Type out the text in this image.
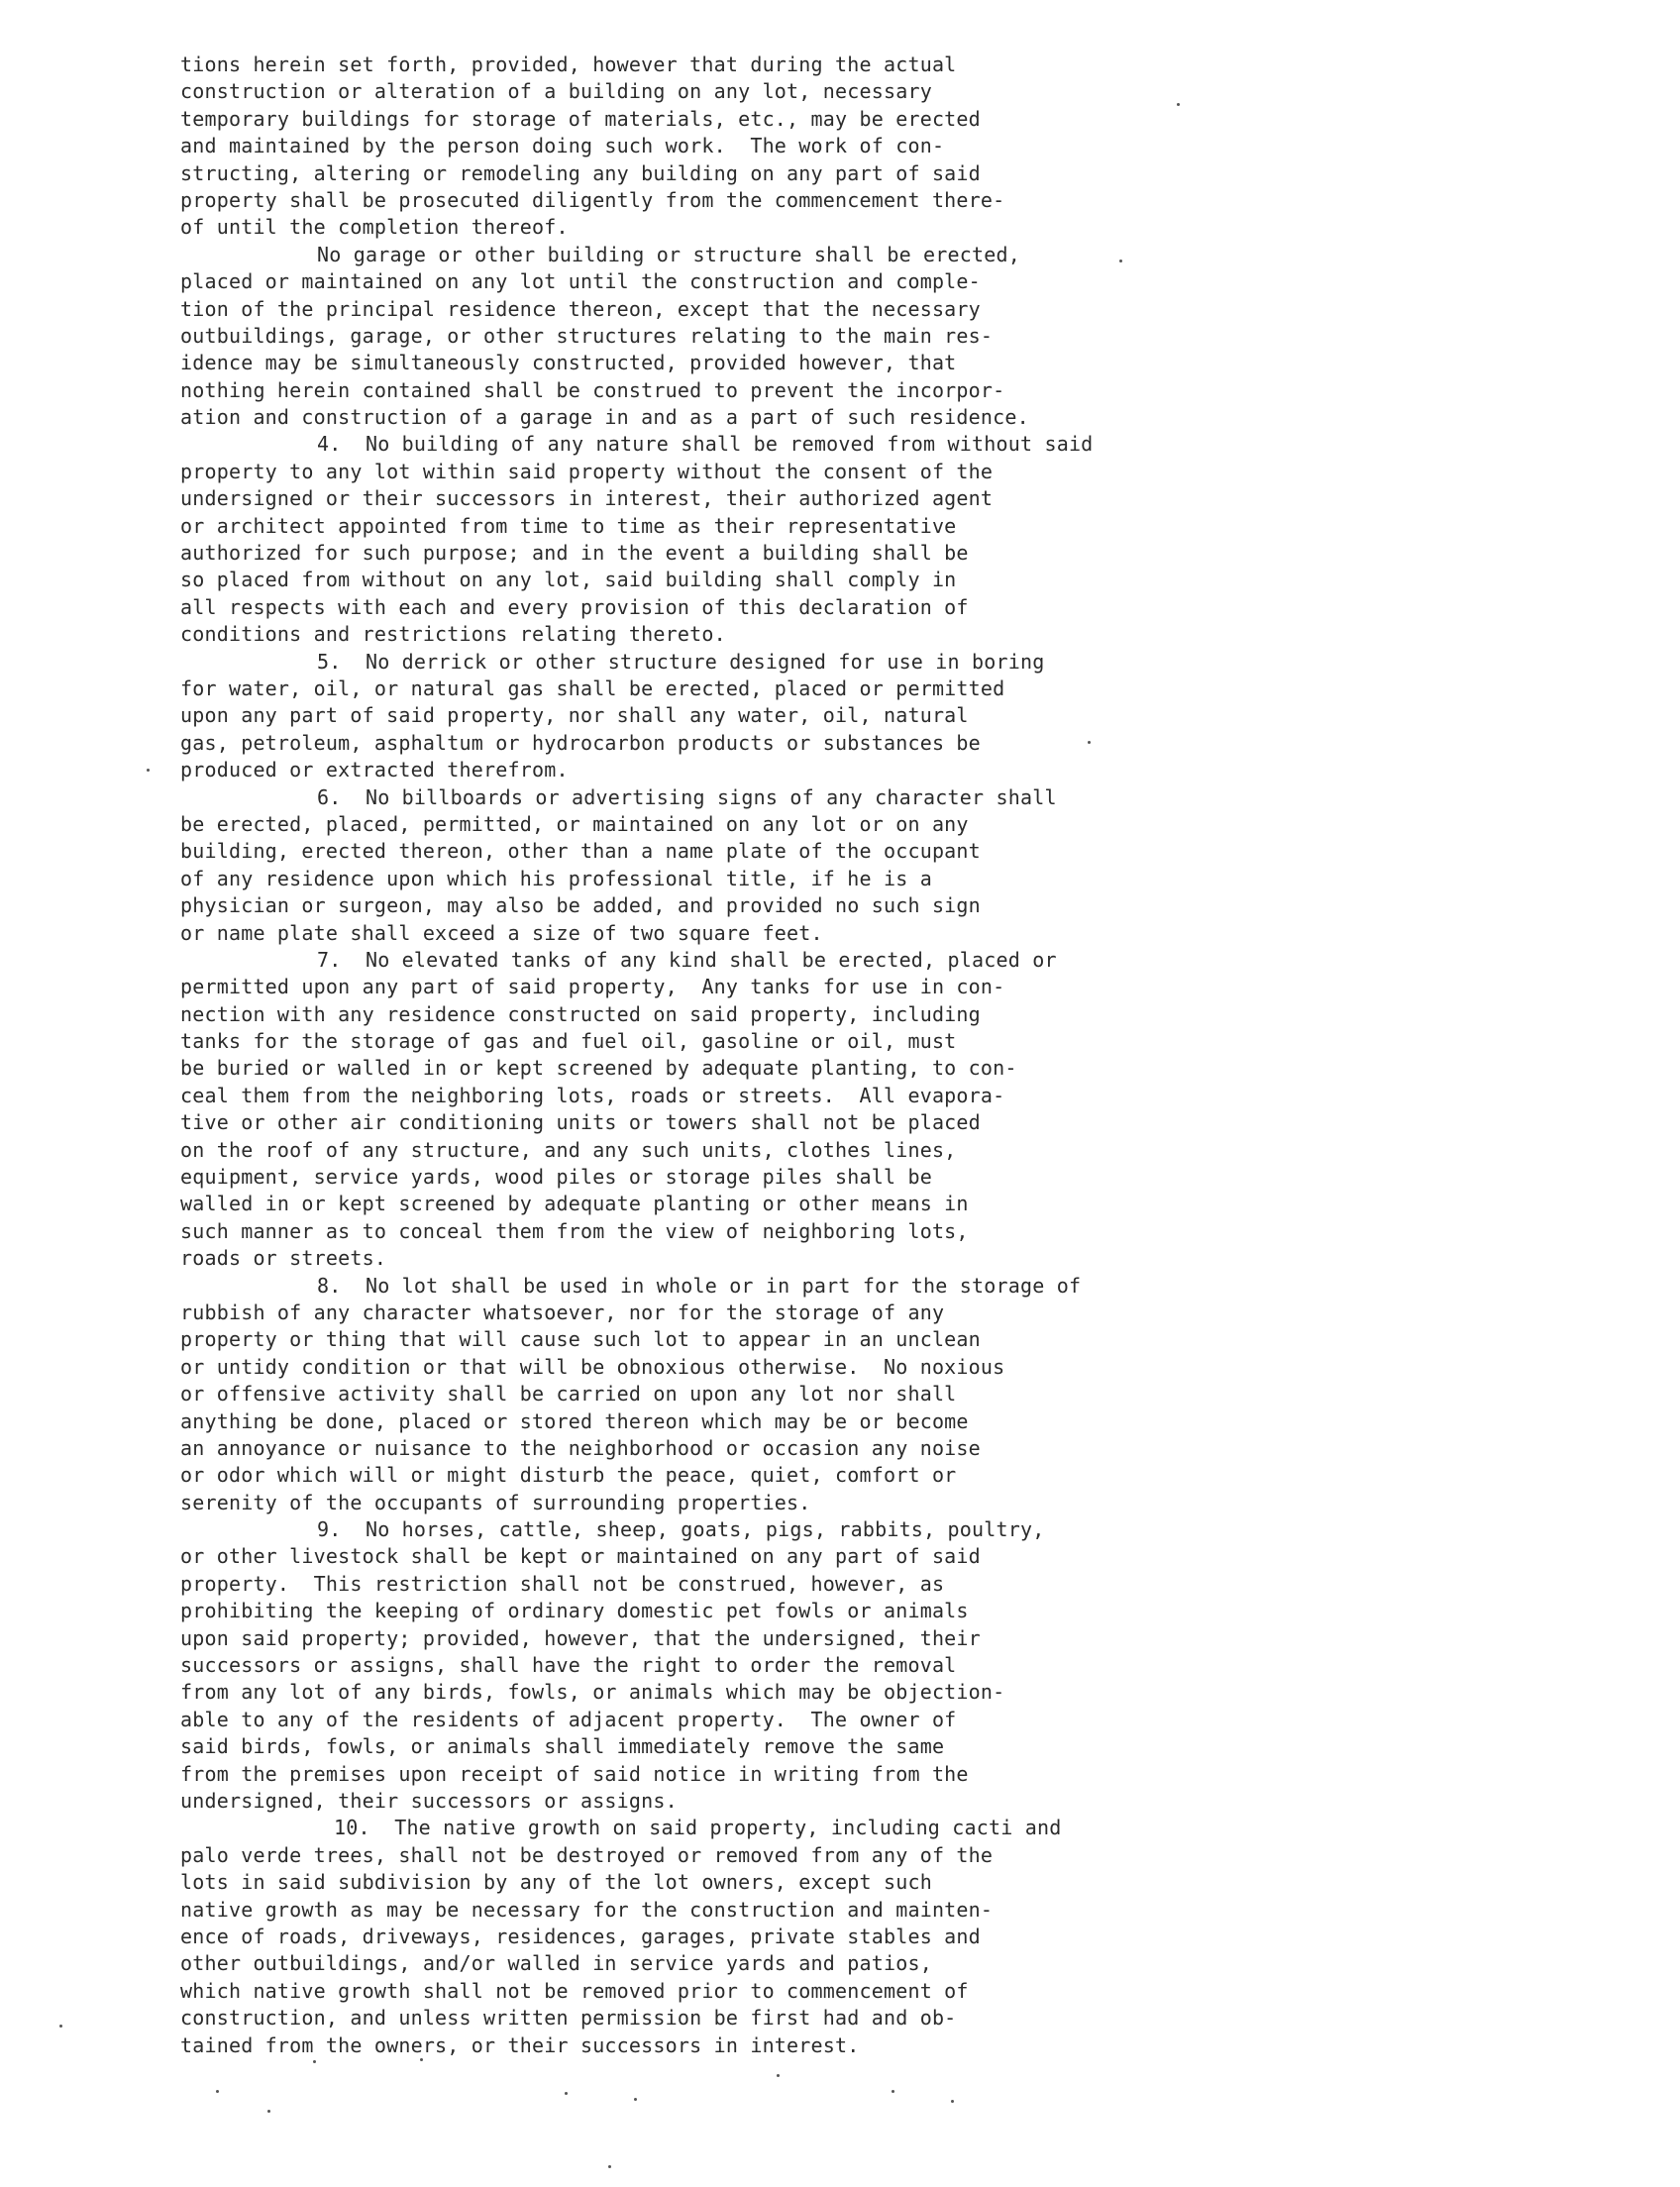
tions herein set forth, provided, however that during the actual
construction or alteration of a building on any lot, necessary
temporary buildings for storage of materials, etc., may be erected
and maintained by the person doing such work.  The work of con-
structing, altering or remodeling any building on any part of said
property shall be prosecuted diligently from the commencement there-
of until the completion thereof.
No garage or other building or structure shall be erected,
placed or maintained on any lot until the construction and comple-
tion of the principal residence thereon, except that the necessary
outbuildings, garage, or other structures relating to the main res-
idence may be simultaneously constructed, provided however, that
nothing herein contained shall be construed to prevent the incorpor-
ation and construction of a garage in and as a part of such residence.
4.  No building of any nature shall be removed from without said
property to any lot within said property without the consent of the
undersigned or their successors in interest, their authorized agent
or architect appointed from time to time as their representative
authorized for such purpose; and in the event a building shall be
so placed from without on any lot, said building shall comply in
all respects with each and every provision of this declaration of
conditions and restrictions relating thereto.
5.  No derrick or other structure designed for use in boring
for water, oil, or natural gas shall be erected, placed or permitted
upon any part of said property, nor shall any water, oil, natural
gas, petroleum, asphaltum or hydrocarbon products or substances be
produced or extracted therefrom.
6.  No billboards or advertising signs of any character shall
be erected, placed, permitted, or maintained on any lot or on any
building, erected thereon, other than a name plate of the occupant
of any residence upon which his professional title, if he is a
physician or surgeon, may also be added, and provided no such sign
or name plate shall exceed a size of two square feet.
7.  No elevated tanks of any kind shall be erected, placed or
permitted upon any part of said property,  Any tanks for use in con-
nection with any residence constructed on said property, including
tanks for the storage of gas and fuel oil, gasoline or oil, must
be buried or walled in or kept screened by adequate planting, to con-
ceal them from the neighboring lots, roads or streets.  All evapora-
tive or other air conditioning units or towers shall not be placed
on the roof of any structure, and any such units, clothes lines,
equipment, service yards, wood piles or storage piles shall be
walled in or kept screened by adequate planting or other means in
such manner as to conceal them from the view of neighboring lots,
roads or streets.
8.  No lot shall be used in whole or in part for the storage of
rubbish of any character whatsoever, nor for the storage of any
property or thing that will cause such lot to appear in an unclean
or untidy condition or that will be obnoxious otherwise.  No noxious
or offensive activity shall be carried on upon any lot nor shall
anything be done, placed or stored thereon which may be or become
an annoyance or nuisance to the neighborhood or occasion any noise
or odor which will or might disturb the peace, quiet, comfort or
serenity of the occupants of surrounding properties.
9.  No horses, cattle, sheep, goats, pigs, rabbits, poultry,
or other livestock shall be kept or maintained on any part of said
property.  This restriction shall not be construed, however, as
prohibiting the keeping of ordinary domestic pet fowls or animals
upon said property; provided, however, that the undersigned, their
successors or assigns, shall have the right to order the removal
from any lot of any birds, fowls, or animals which may be objection-
able to any of the residents of adjacent property.  The owner of
said birds, fowls, or animals shall immediately remove the same
from the premises upon receipt of said notice in writing from the
undersigned, their successors or assigns.
10.  The native growth on said property, including cacti and
palo verde trees, shall not be destroyed or removed from any of the
lots in said subdivision by any of the lot owners, except such
native growth as may be necessary for the construction and mainten-
ence of roads, driveways, residences, garages, private stables and
other outbuildings, and/or walled in service yards and patios,
which native growth shall not be removed prior to commencement of
construction, and unless written permission be first had and ob-
tained from the owners, or their successors in interest.
